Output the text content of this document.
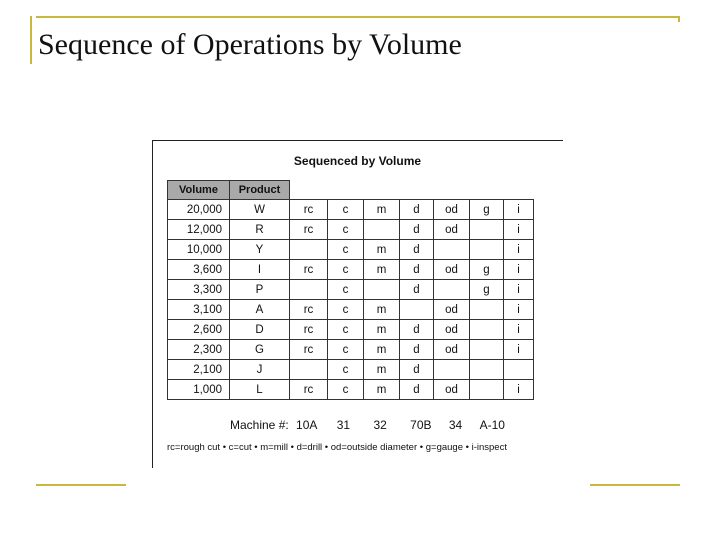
Sequence of Operations by Volume
Sequenced by Volume
Volume	Product							
20,000	W	rc	c	m	d	od	g	i
12,000	R	rc	c		d	od		i
10,000	Y		c	m	d			i
3,600	I	rc	c	m	d	od	g	i
3,300	P		c		d		g	i
3,100	A	rc	c	m		od		i
2,600	D	rc	c	m	d	od		i
2,300	G	rc	c	m	d	od		i
2,100	J		c	m	d			
1,000	L	rc	c	m	d	od		i
Machine #: 10A 31 32 70B 34 A-10
rc=rough cut • c=cut • m=mill • d=drill • od=outside diameter • g=gauge • i-inspect
